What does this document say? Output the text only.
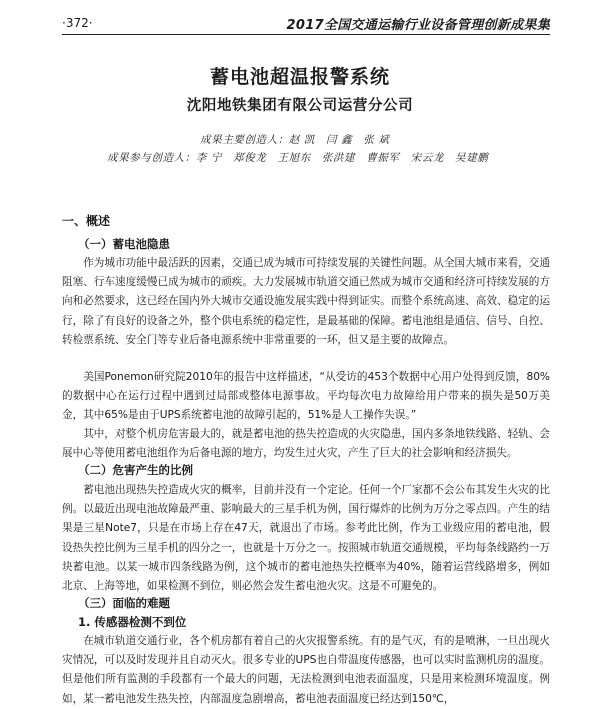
·372·	2017全国交通运输行业设备管理创新成果集
蓄电池超温报警系统
沈阳地铁集团有限公司运营分公司
成果主要创造人：赵 凯　闫 鑫　张 斌
成果参与创造人：李 宁　郑俊龙　王旭东　张洪建　曹振军　宋云龙　吴建鹏
一、概述
（一）蓄电池隐患

作为城市功能中最活跃的因素，交通已成为城市可持续发展的关键性问题。从全国大城市来看，交通阻塞、行车速度缓慢已成为城市的顽疾。大力发展城市轨道交通已然成为城市交通和经济可持续发展的方向和必然要求，这已经在国内外大城市交通设施发展实践中得到证实。而整个系统高速、高效、稳定的运行，除了有良好的设备之外，整个供电系统的稳定性，是最基础的保障。蓄电池组是通信、信号、自控、转检票系统、安全门等专业后备电源系统中非常重要的一环，但又是主要的故障点。

美国Ponemon研究院2010年的报告中这样描述，“从受访的453个数据中心用户处得到反馈，80%的数据中心在运行过程中遇到过局部或整体电源事故。平均每次电力故障给用户带来的损失是50万美金，其中65%是由于UPS系统蓄电池的故障引起的，51%是人工操作失误。”

其中，对整个机房危害最大的，就是蓄电池的热失控造成的火灾隐患，国内多条地铁线路、轻轨、会展中心等使用蓄电池组作为后备电源的地方，均发生过火灾，产生了巨大的社会影响和经济损失。

（二）危害产生的比例

蓄电池出现热失控造成火灾的概率，目前并没有一个定论。任何一个厂家都不会公布其发生火灾的比例。以最近出现电池故障最严重、影响最大的三星手机为例，国行爆炸的比例为万分之零点四。产生的结果是三星Note7，只是在市场上存在47天，就退出了市场。参考此比例，作为工业级应用的蓄电池，假设热失控比例为三星手机的四分之一，也就是十万分之一。按照城市轨道交通规模，平均每条线路约一万块蓄电池。以某一城市四条线路为例，这个城市的蓄电池热失控概率为40%，随着运营线路增多，例如北京、上海等地，如果检测不到位，则必然会发生蓄电池火灾。这是不可避免的。

（三）面临的难题
1. 传感器检测不到位

在城市轨道交通行业，各个机房都有着自己的火灾报警系统。有的是气灭，有的是喷淋，一旦出现火灾情况，可以及时发现并且自动灭火。很多专业的UPS也自带温度传感器，也可以实时监测机房的温度。但是他们所有监测的手段都有一个最大的问题，无法检测到电池表面温度，只是用来检测环境温度。例如，某一蓄电池发生热失控，内部温度急剧增高，蓄电池表面温度已经达到150℃，
